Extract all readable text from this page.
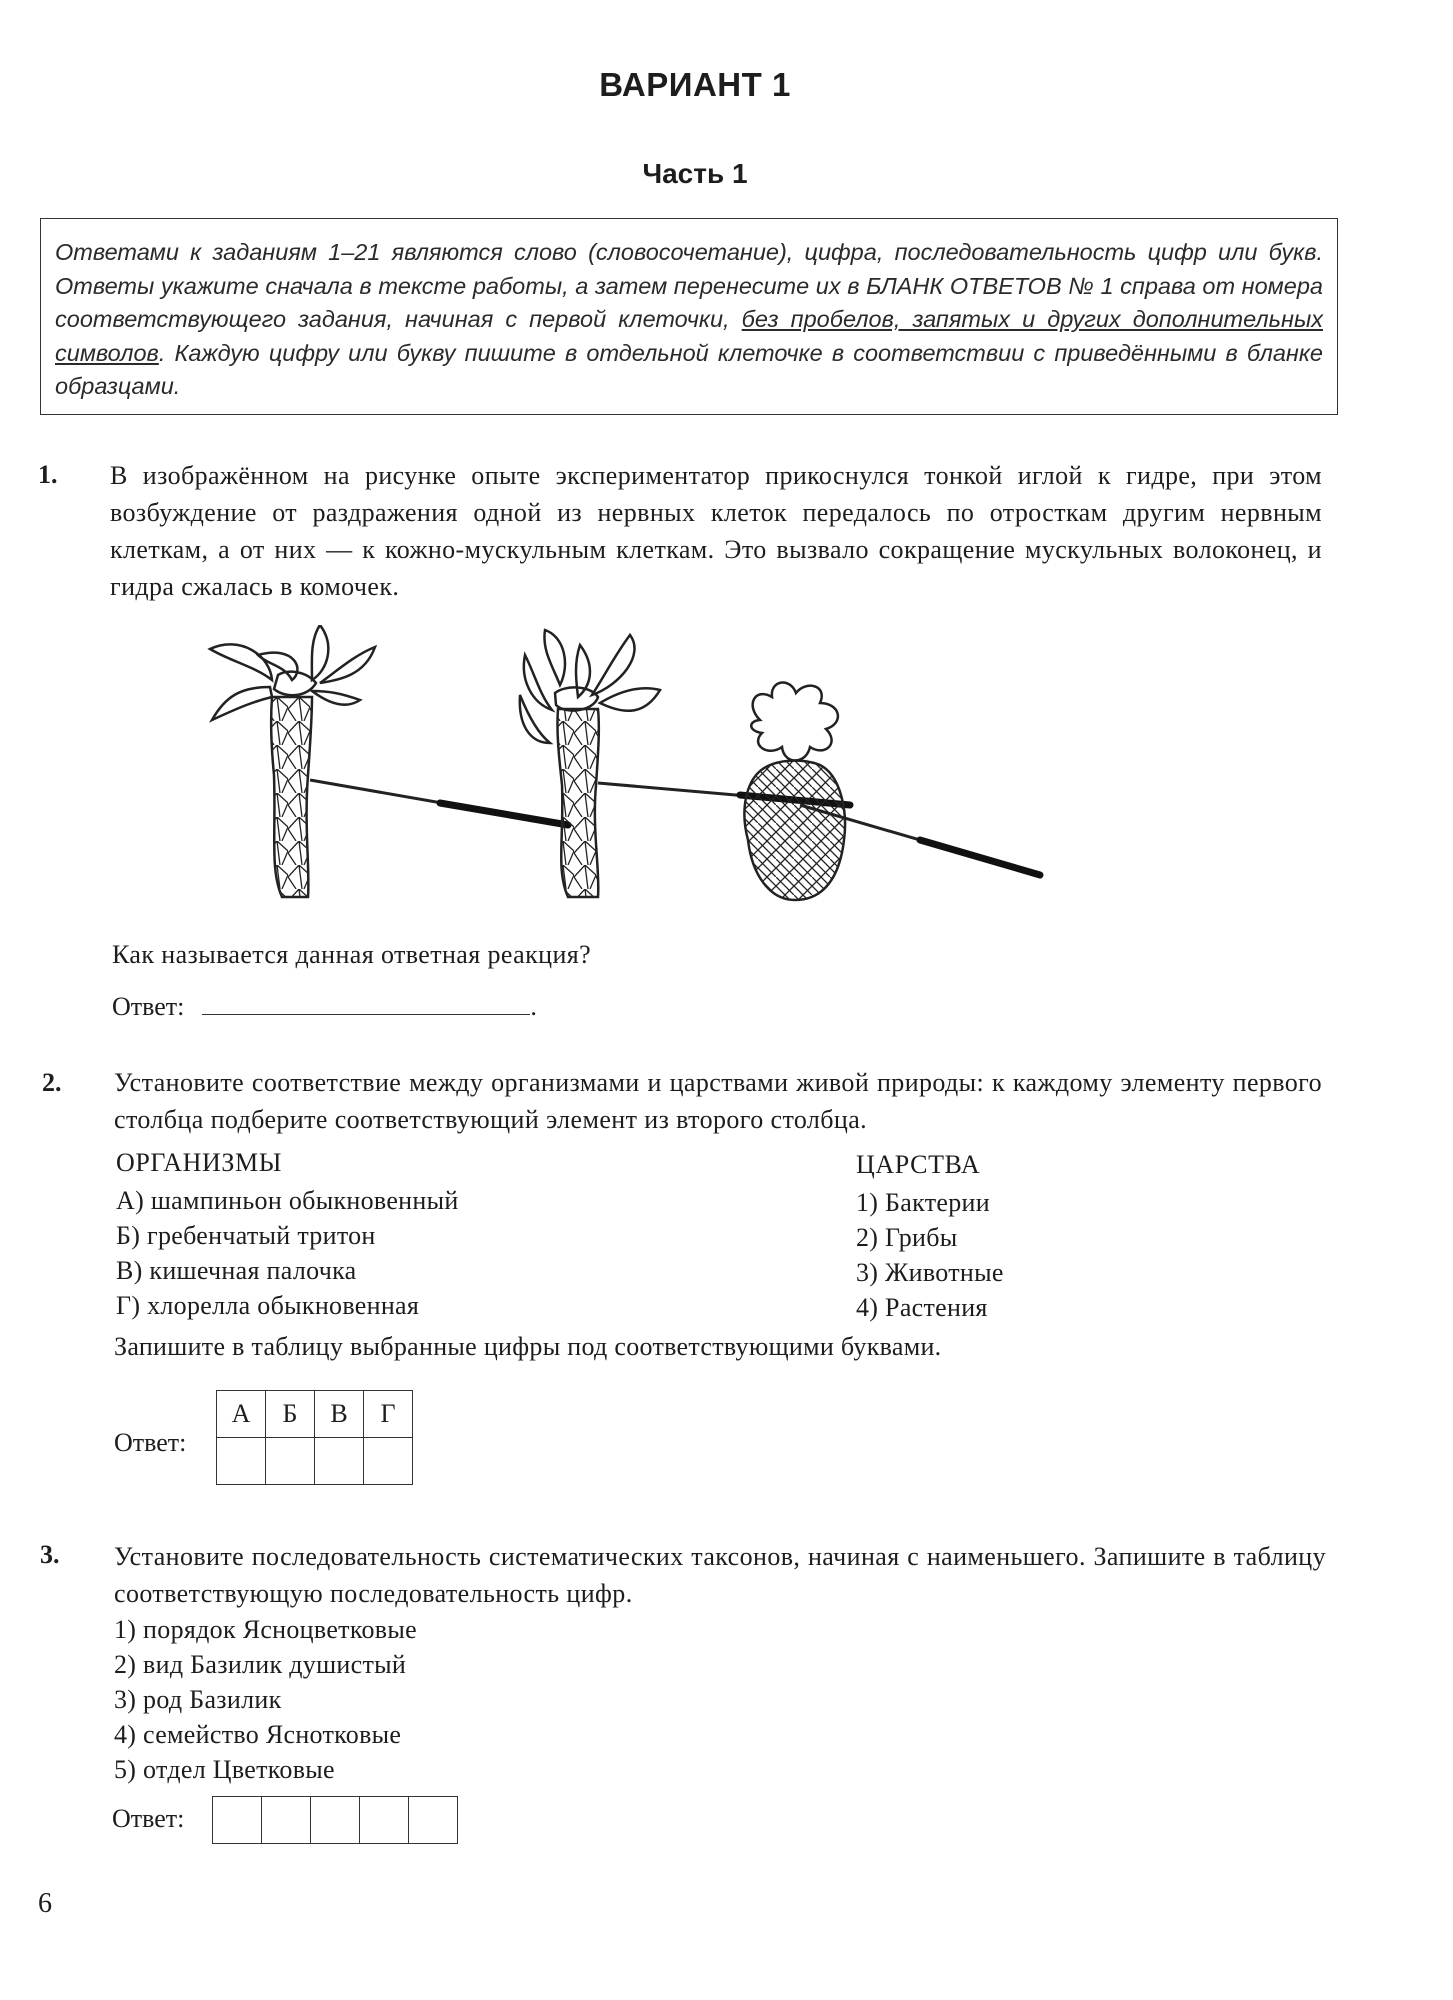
ВАРИАНТ 1
Часть 1
Ответами к заданиям 1–21 являются слово (словосочетание), цифра, последовательность цифр или букв. Ответы укажите сначала в тексте работы, а затем перенесите их в БЛАНК ОТВЕТОВ № 1 справа от номера соответствующего задания, начиная с первой клеточки, без пробелов, запятых и других дополнительных символов. Каждую цифру или букву пишите в отдельной клеточке в соответствии с приведёнными в бланке образцами.
1. В изображённом на рисунке опыте экспериментатор прикоснулся тонкой иглой к гидре, при этом возбуждение от раздражения одной из нервных клеток передалось по отросткам другим нервным клеткам, а от них — к кожно-мускульным клеткам. Это вызвало сокращение мускульных волоконец, и гидра сжалась в комочек.
Как называется данная ответная реакция?
Ответ:	.
2. Установите соответствие между организмами и царствами живой природы: к каждому элементу первого столбца подберите соответствующий элемент из второго столбца.
ОРГАНИЗМЫ
А) шампиньон обыкновенный
Б) гребенчатый тритон
В) кишечная палочка
Г) хлорелла обыкновенная
ЦАРСТВА
1) Бактерии
2) Грибы
3) Животные
4) Растения
Запишите в таблицу выбранные цифры под соответствующими буквами.
Ответ:
А	Б	В	Г

3. Установите последовательность систематических таксонов, начиная с наименьшего. Запишите в таблицу соответствующую последовательность цифр.
1) порядок Ясноцветковые
2) вид Базилик душистый
3) род Базилик
4) семейство Яснотковые
5) отдел Цветковые
Ответ:

6
